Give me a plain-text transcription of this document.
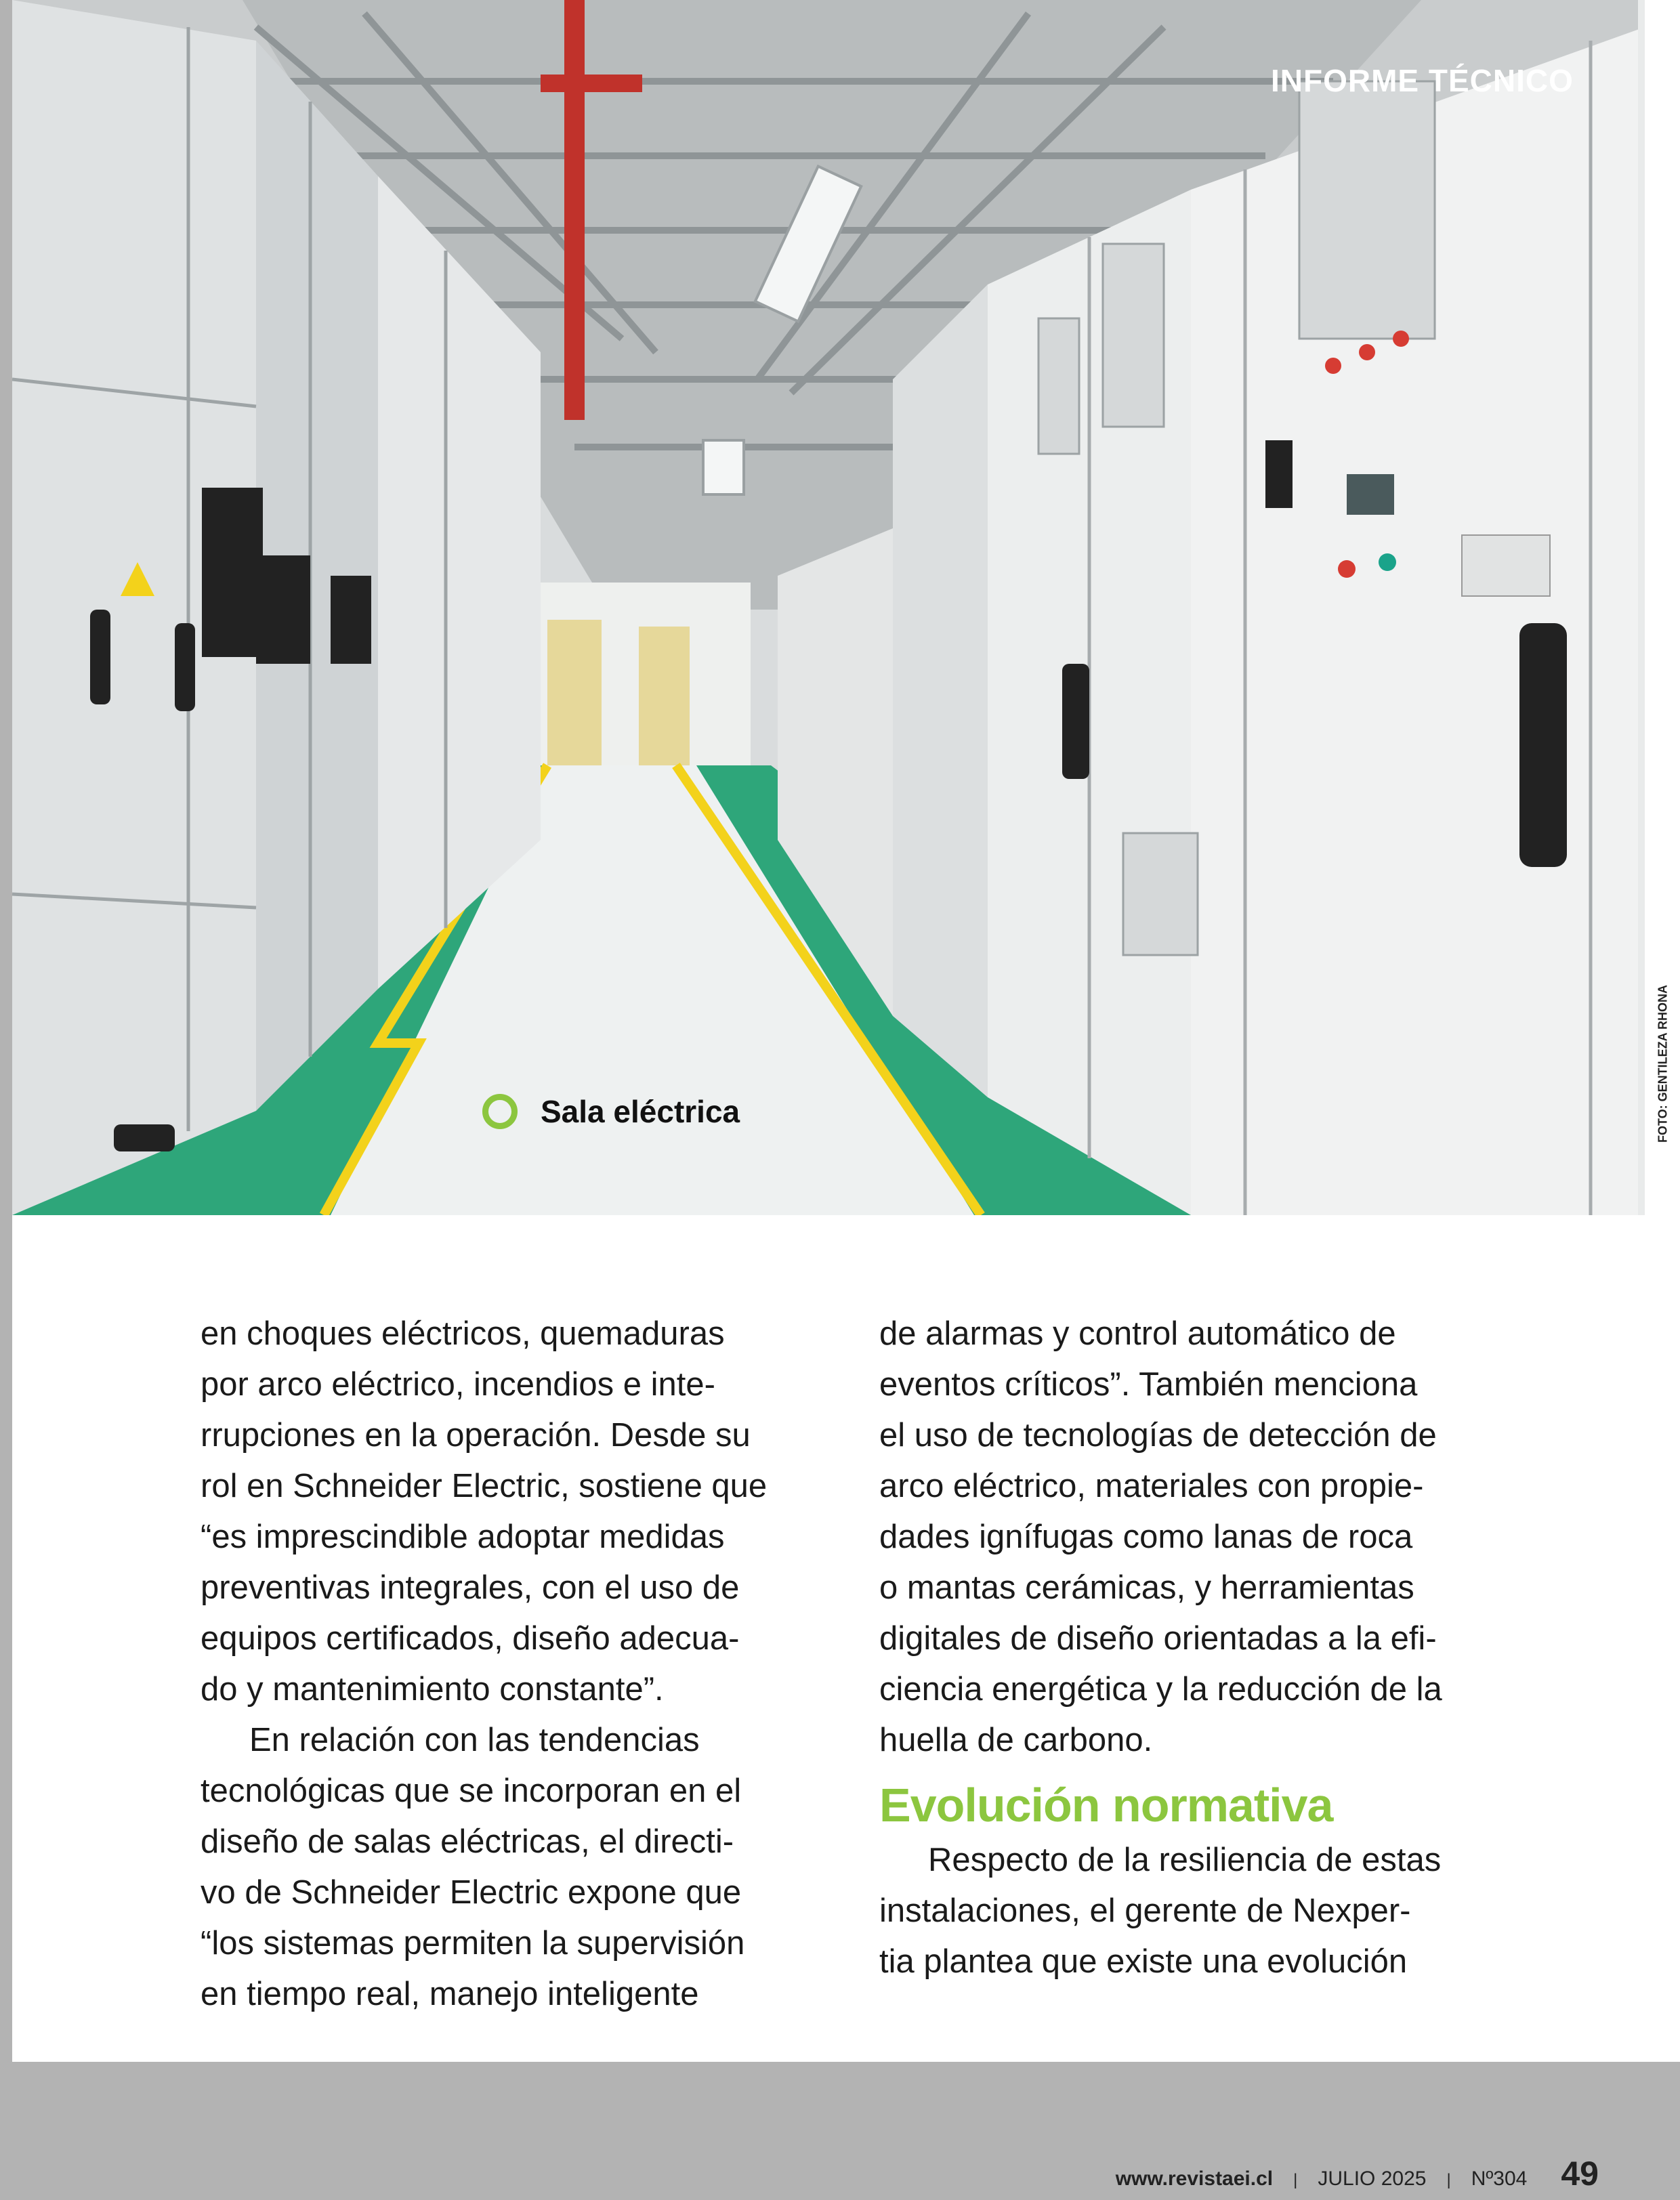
INFORME TÉCNICO
Sala eléctrica	FOTO: GENTILEZA RHONA

en choques eléctricos, quemaduras
por arco eléctrico, incendios e inte-
rrupciones en la operación. Desde su
rol en Schneider Electric, sostiene que
“es imprescindible adoptar medidas
preventivas integrales, con el uso de
equipos certificados, diseño adecua-
do y mantenimiento constante”.

En relación con las tendencias
tecnológicas que se incorporan en el
diseño de salas eléctricas, el directi-
vo de Schneider Electric expone que
“los sistemas permiten la supervisión
en tiempo real, manejo inteligente

de alarmas y control automático de
eventos críticos”. También menciona
el uso de tecnologías de detección de
arco eléctrico, materiales con propie-
dades ignífugas como lanas de roca
o mantas cerámicas, y herramientas
digitales de diseño orientadas a la efi-
ciencia energética y la reducción de la
huella de carbono.

Evolución normativa

Respecto de la resiliencia de estas
instalaciones, el gerente de Nexper-
tia plantea que existe una evolución

www.revistaei.cl | JULIO 2025 | Nº304 49
